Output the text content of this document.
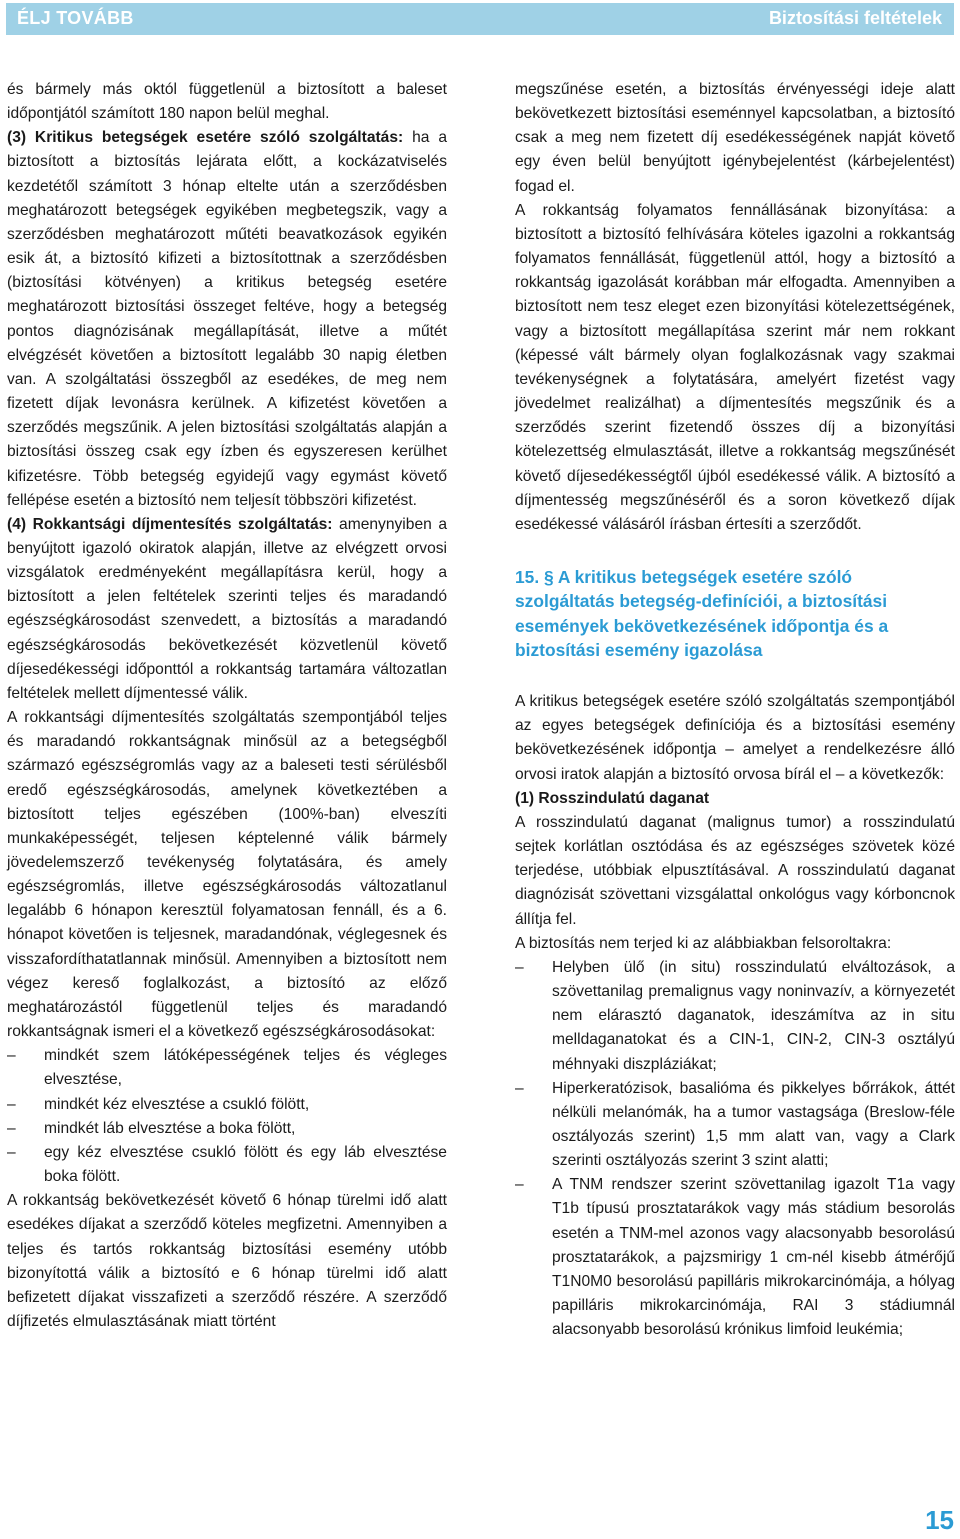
ÉLJ TOVÁBB	Biztosítási feltételek

és bármely más októl függetlenül a biztosított a baleset időpontjától számított 180 napon belül meghal.

(3) Kritikus betegségek esetére szóló szolgáltatás: ha a biztosított a biztosítás lejárata előtt, a kockázatviselés kezdetétől számított 3 hónap eltelte után a szerződésben meghatározott betegségek egyikében megbetegszik, vagy a szerződésben meghatározott műtéti beavatkozások egyikén esik át, a biztosító kifizeti a biztosítottnak a szerződésben (biztosítási kötvényen) a kritikus betegség esetére meghatározott biztosítási összeget feltéve, hogy a betegség pontos diagnózisának megállapítását, illetve a műtét elvégzését követően a biztosított legalább 30 napig életben van. A szolgáltatási összegből az esedékes, de meg nem fizetett díjak levonásra kerülnek. A kifizetést követően a szerződés megszűnik. A jelen biztosítási szolgáltatás alapján a biztosítási összeg csak egy ízben és egyszeresen kerülhet kifizetésre. Több betegség egyidejű vagy egymást követő fellépése esetén a biztosító nem teljesít többszöri kifizetést.

(4) Rokkantsági díjmentesítés szolgáltatás: amenynyiben a benyújtott igazoló okiratok alapján, illetve az elvégzett orvosi vizsgálatok eredményeként megállapításra kerül, hogy a biztosított a jelen feltételek szerinti teljes és maradandó egészségkárosodást szenvedett, a biztosítás a maradandó egészségkárosodás bekövetkezését közvetlenül követő díjesedékességi időponttól a rokkantság tartamára változatlan feltételek mellett díjmentessé válik.

A rokkantsági díjmentesítés szolgáltatás szempontjából teljes és maradandó rokkantságnak minősül az a betegségből származó egészségromlás vagy az a baleseti testi sérülésből eredő egészségkárosodás, amelynek következtében a biztosított teljes egészében (100%-ban) elveszíti munkaképességét, teljesen képtelenné válik bármely jövedelemszerző tevékenység folytatására, és amely egészségromlás, illetve egészségkárosodás változatlanul legalább 6 hónapon keresztül folyamatosan fennáll, és a 6. hónapot követően is teljesnek, maradandónak, véglegesnek és visszafordíthatatlannak minősül. Amennyiben a biztosított nem végez kereső foglalkozást, a biztosító az előző meghatározástól függetlenül teljes és maradandó rokkantságnak ismeri el a következő egészségkárosodásokat:

–	mindkét szem látóképességének teljes és végleges elvesztése,
–	mindkét kéz elvesztése a csukló fölött,
–	mindkét láb elvesztése a boka fölött,
–	egy kéz elvesztése csukló fölött és egy láb elvesztése boka fölött.

A rokkantság bekövetkezését követő 6 hónap türelmi idő alatt esedékes díjakat a szerződő köteles megfizetni. Amennyiben a teljes és tartós rokkantság biztosítási esemény utóbb bizonyítottá válik a biztosító e 6 hónap türelmi idő alatt befizetett díjakat visszafizeti a szerződő részére. A szerződő díjfizetés elmulasztásának miatt történt

megszűnése esetén, a biztosítás érvényességi ideje alatt bekövetkezett biztosítási eseménnyel kapcsolatban, a biztosító csak a meg nem fizetett díj esedékességének napját követő egy éven belül benyújtott igénybejelentést (kárbejelentést) fogad el.

A rokkantság folyamatos fennállásának bizonyítása: a biztosított a biztosító felhívására köteles igazolni a rokkantság folyamatos fennállását, függetlenül attól, hogy a biztosító a rokkantság igazolását korábban már elfogadta. Amennyiben a biztosított nem tesz eleget ezen bizonyítási kötelezettségének, vagy a biztosított megállapítása szerint már nem rokkant (képessé vált bármely olyan foglalkozásnak vagy szakmai tevékenységnek a folytatására, amelyért fizetést vagy jövedelmet realizálhat) a díjmentesítés megszűnik és a szerződés szerint fizetendő összes díj a bizonyítási kötelezettség elmulasztását, illetve a rokkantság megszűnését követő díjesedékességtől újból esedékessé válik. A biztosító a díjmentesség megszűnéséről és a soron következő díjak esedékessé válásáról írásban értesíti a szerződőt.

15. § A kritikus betegségek esetére szóló szolgáltatás betegség-definíciói, a biztosítási események bekövetkezésének időpontja és a biztosítási esemény igazolása

A kritikus betegségek esetére szóló szolgáltatás szempontjából az egyes betegségek definíciója és a biztosítási esemény bekövetkezésének időpontja – amelyet a rendelkezésre álló orvosi iratok alapján a biztosító orvosa bírál el – a következők:

(1) Rosszindulatú daganat

A rosszindulatú daganat (malignus tumor) a rosszindulatú sejtek korlátlan osztódása és az egészséges szövetek közé terjedése, utóbbiak elpusztításával. A rosszindulatú daganat diagnózisát szövettani vizsgálattal onkológus vagy kórboncnok állítja fel.

A biztosítás nem terjed ki az alábbiakban felsoroltakra:

–	Helyben ülő (in situ) rosszindulatú elváltozások, a szövettanilag premalignus vagy noninvazív, a környezetét nem elárasztó daganatok, ideszámítva az in situ melldaganatokat és a CIN-1, CIN-2, CIN-3 osztályú méhnyaki diszpláziákat;
–	Hiperkeratózisok, basalióma és pikkelyes bőrrákok, áttét nélküli melanómák, ha a tumor vastagsága (Breslow-féle osztályozás szerint) 1,5 mm alatt van, vagy a Clark szerinti osztályozás szerint 3 szint alatti;
–	A TNM rendszer szerint szövettanilag igazolt T1a vagy T1b típusú prosztatarákok vagy más stádium besorolás esetén a TNM-mel azonos vagy alacsonyabb besorolású prosztatarákok, a pajzsmirigy 1 cm-nél kisebb átmérőjű T1N0M0 besorolású papilláris mikrokarcinómája, a hólyag papilláris mikrokarcinómája, RAI 3 stádiumnál alacsonyabb besorolású krónikus limfoid leukémia;
15
